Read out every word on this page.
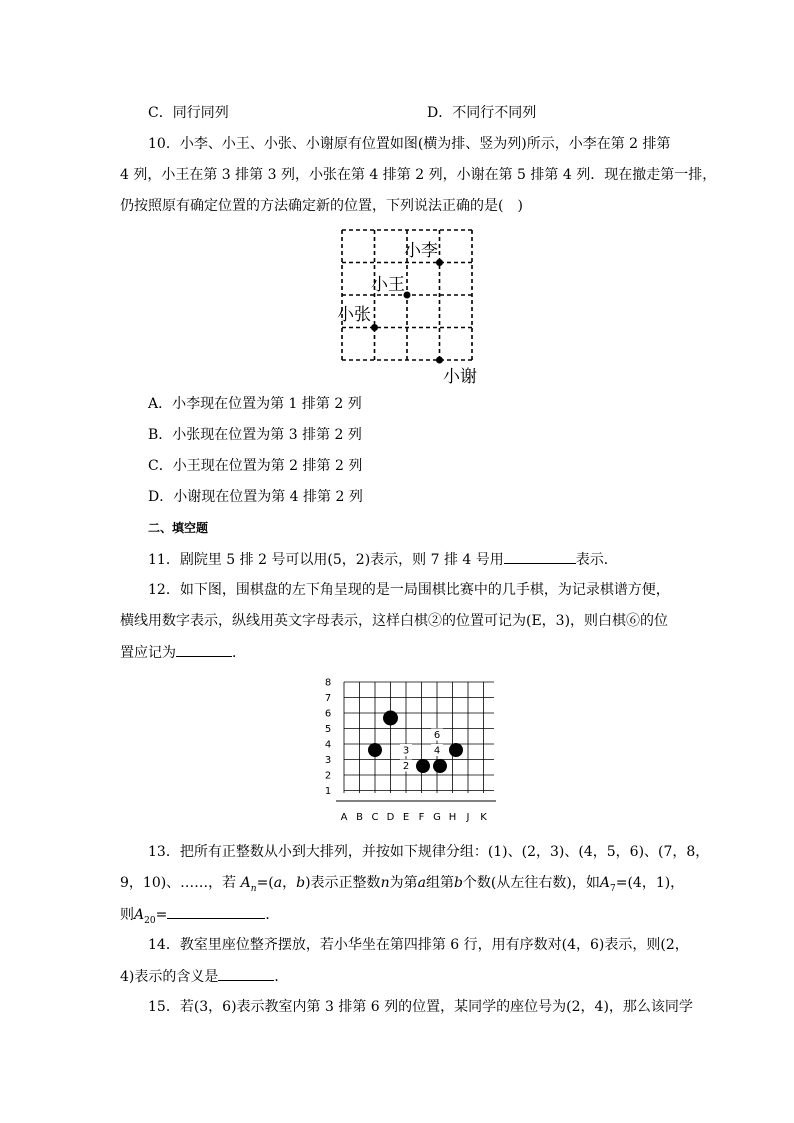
C．同行同列	D．不同行不同列
10．小李、小王、小张、小谢原有位置如图(横为排、竖为列)所示，小李在第 2 排第
4 列，小王在第 3 排第 3 列，小张在第 4 排第 2 列，小谢在第 5 排第 4 列．现在撤走第一排，
仍按照原有确定位置的方法确定新的位置，下列说法正确的是(　)
小李
小王
小张
小谢
A．小李现在位置为第 1 排第 2 列
B．小张现在位置为第 3 排第 2 列
C．小王现在位置为第 2 排第 2 列
D．小谢现在位置为第 4 排第 2 列
二、填空题
11．剧院里 5 排 2 号可以用(5，2)表示，则 7 排 4 号用	表示．
12．如下图，围棋盘的左下角呈现的是一局围棋比赛中的几手棋，为记录棋谱方便，
横线用数字表示，纵线用英文字母表示，这样白棋②的位置可记为(E，3)，则白棋⑥的位
置应记为	．
1
2
3
4
5
6
7
8
A B C D E F G H J K
2
3 4
6
13．把所有正整数从小到大排列，并按如下规律分组：(1)、(2，3)、(4，5，6)、(7，8，
9，10)、……，若 $A_n=(a$，b)表示正整数n为第a组第b个数(从左往右数)，如$A_7=(4$，1)，
则$A_{20}=$	．
14．教室里座位整齐摆放，若小华坐在第四排第 6 行，用有序数对(4，6)表示，则(2，
4)表示的含义是	．
15．若(3，6)表示教室内第 3 排第 6 列的位置，某同学的座位号为(2，4)，那么该同学
